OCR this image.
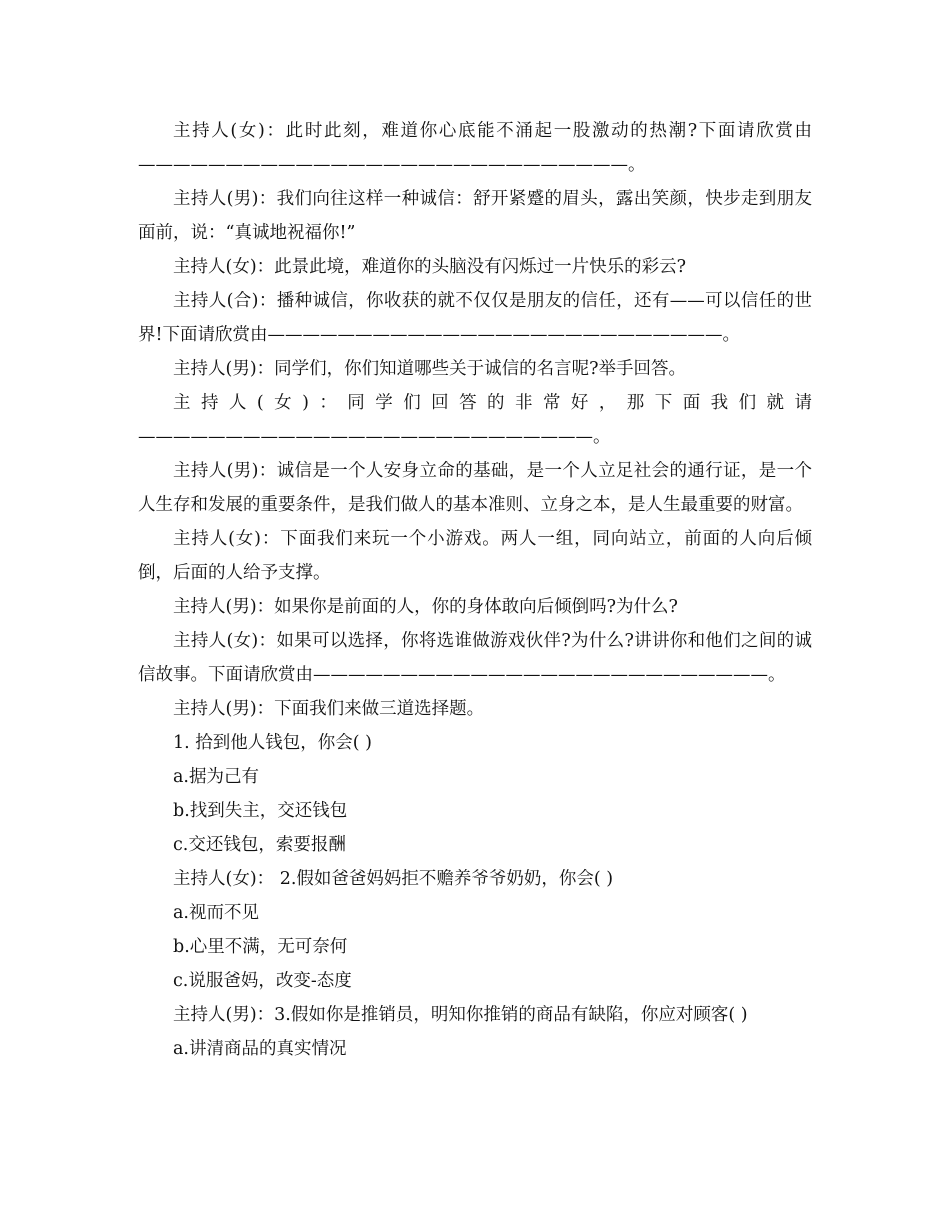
主持人(女)：此时此刻，难道你心底能不涌起一股激动的热潮?下面请欣赏由————————————————————————————。

主持人(男)：我们向往这样一种诚信：舒开紧蹙的眉头，露出笑颜，快步走到朋友面前，说：“真诚地祝福你!”

主持人(女)：此景此境，难道你的头脑没有闪烁过一片快乐的彩云?

主持人(合)：播种诚信，你收获的就不仅仅是朋友的信任，还有——可以信任的世界!下面请欣赏由——————————————————————————。

主持人(男)：同学们，你们知道哪些关于诚信的名言呢?举手回答。

主持人(女)：同学们回答的非常好，那下面我们就请——————————————————————————。

主持人(男)：诚信是一个人安身立命的基础，是一个人立足社会的通行证，是一个人生存和发展的重要条件，是我们做人的基本准则、立身之本，是人生最重要的财富。

主持人(女)：下面我们来玩一个小游戏。两人一组，同向站立，前面的人向后倾倒，后面的人给予支撑。

主持人(男)：如果你是前面的人，你的身体敢向后倾倒吗?为什么?

主持人(女)：如果可以选择，你将选谁做游戏伙伴?为什么?讲讲你和他们之间的诚信故事。下面请欣赏由——————————————————————————。

主持人(男)：下面我们来做三道选择题。

1. 拾到他人钱包，你会( )

a.据为己有

b.找到失主，交还钱包

c.交还钱包，索要报酬

主持人(女)： 2.假如爸爸妈妈拒不赡养爷爷奶奶，你会( )

a.视而不见

b.心里不满，无可奈何

c.说服爸妈，改变-态度

主持人(男)：3.假如你是推销员，明知你推销的商品有缺陷，你应对顾客( )

a.讲清商品的真实情况
